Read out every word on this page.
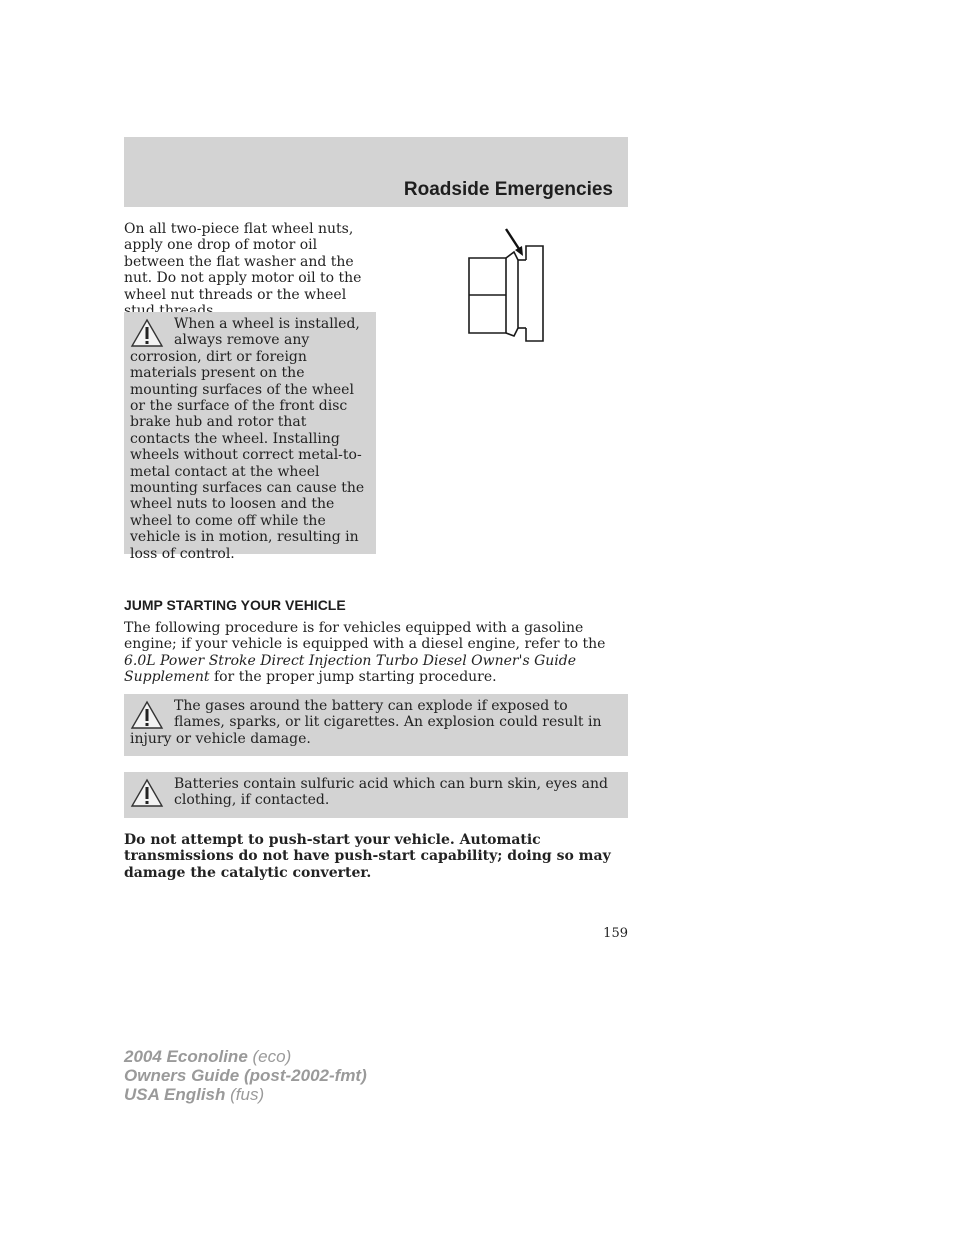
Roadside Emergencies
On all two-piece flat wheel nuts, apply one drop of motor oil between the flat washer and the nut. Do not apply motor oil to the wheel nut threads or the wheel

When a wheel is installed, always remove any corrosion, dirt or foreign materials present on the mounting surfaces of the wheel or the surface of the front disc brake hub and rotor that contacts the wheel. Installing wheels without correct metal-to-metal contact at the wheel mounting surfaces can cause the wheel nuts to loosen and the wheel to come off while the vehicle is in motion, resulting in loss of control.

JUMP STARTING YOUR VEHICLE
The following procedure is for vehicles equipped with a gasoline engine; if your vehicle is equipped with a diesel engine, refer to the 6.0L Power Stroke Direct Injection Turbo Diesel Owner's Guide Supplement for the proper jump starting procedure.

The gases around the battery can explode if exposed to flames, sparks, or lit cigarettes. An explosion could result in injury or vehicle damage.

Batteries contain sulfuric acid which can burn skin, eyes and clothing, if contacted.

Do not attempt to push-start your vehicle. Automatic transmissions do not have push-start capability; doing so may damage the catalytic converter.
159
2004 Econoline (eco)
Owners Guide (post-2002-fmt)
USA English (fus)
